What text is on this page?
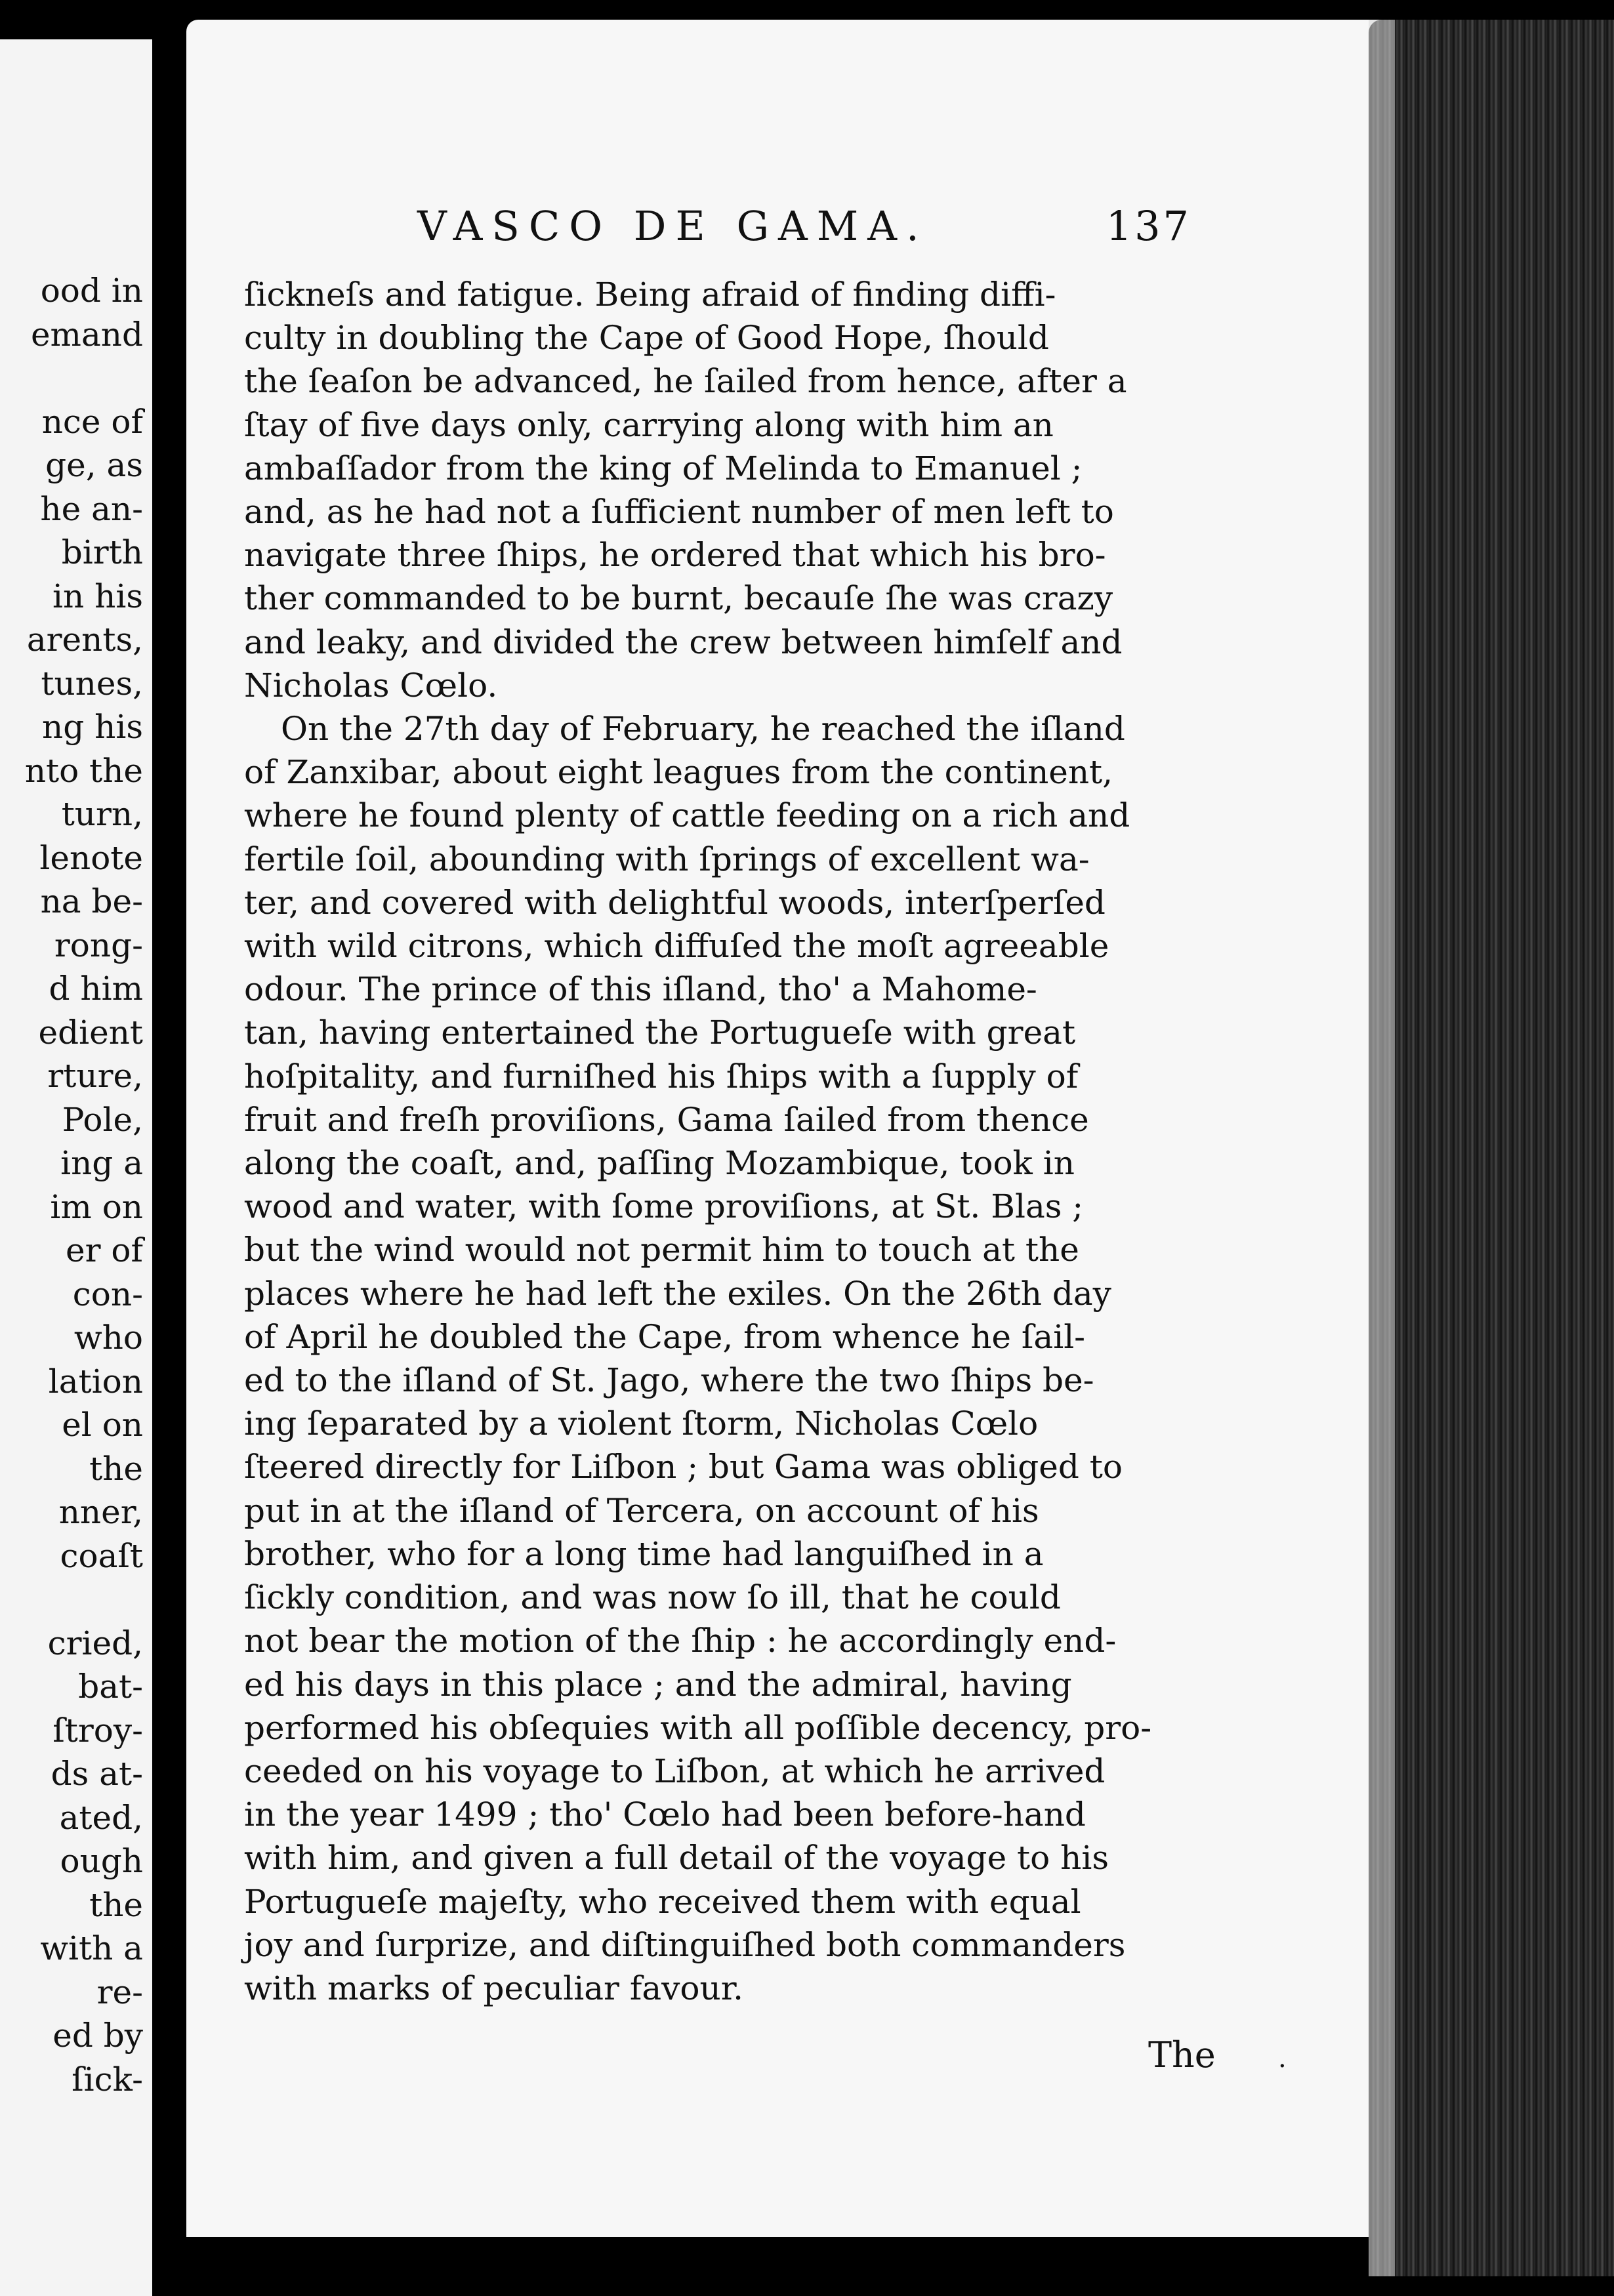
ood in
emand

nce of
ge, as
he an-
birth
in his
arents,
tunes,
ng his
nto the
turn,
lenote
na be-
rong-
d him
edient
rture,
Pole,
ing a
im on
er of
con-
who
lation
el on
the
nner,
coaſt

cried,
bat-
ſtroy-
ds at-
ated,
ough
the
with a
re-
ed by
ſick-
VASCO DE GAMA.	137

ſickneſs and fatigue. Being afraid of finding diffi-
culty in doubling the Cape of Good Hope, ſhould
the ſeaſon be advanced, he ſailed from hence, after a
ſtay of five days only, carrying along with him an
ambaſſador from the king of Melinda to Emanuel ;
and, as he had not a ſufficient number of men left to
navigate three ſhips, he ordered that which his bro-
ther commanded to be burnt, becauſe ſhe was crazy
and leaky, and divided the crew between himſelf and
Nicholas Cœlo.

On the 27th day of February, he reached the iſland
of Zanxibar, about eight leagues from the continent,
where he found plenty of cattle feeding on a rich and
fertile ſoil, abounding with ſprings of excellent wa-
ter, and covered with delightful woods, interſperſed
with wild citrons, which diffuſed the moſt agreeable
odour. The prince of this iſland, tho' a Mahome-
tan, having entertained the Portugueſe with great
hoſpitality, and furniſhed his ſhips with a ſupply of
fruit and freſh proviſions, Gama ſailed from thence
along the coaſt, and, paſſing Mozambique, took in
wood and water, with ſome proviſions, at St. Blas ;
but the wind would not permit him to touch at the
places where he had left the exiles. On the 26th day
of April he doubled the Cape, from whence he ſail-
ed to the iſland of St. Jago, where the two ſhips be-
ing ſeparated by a violent ſtorm, Nicholas Cœlo
ſteered directly for Liſbon ; but Gama was obliged to
put in at the iſland of Tercera, on account of his
brother, who for a long time had languiſhed in a
ſickly condition, and was now ſo ill, that he could
not bear the motion of the ſhip : he accordingly end-
ed his days in this place ; and the admiral, having
performed his obſequies with all poſſible decency, pro-
ceeded on his voyage to Liſbon, at which he arrived
in the year 1499 ; tho' Cœlo had been before-hand
with him, and given a full detail of the voyage to his
Portugueſe majeſty, who received them with equal
joy and ſurprize, and diſtinguiſhed both commanders
with marks of peculiar favour.

The .
